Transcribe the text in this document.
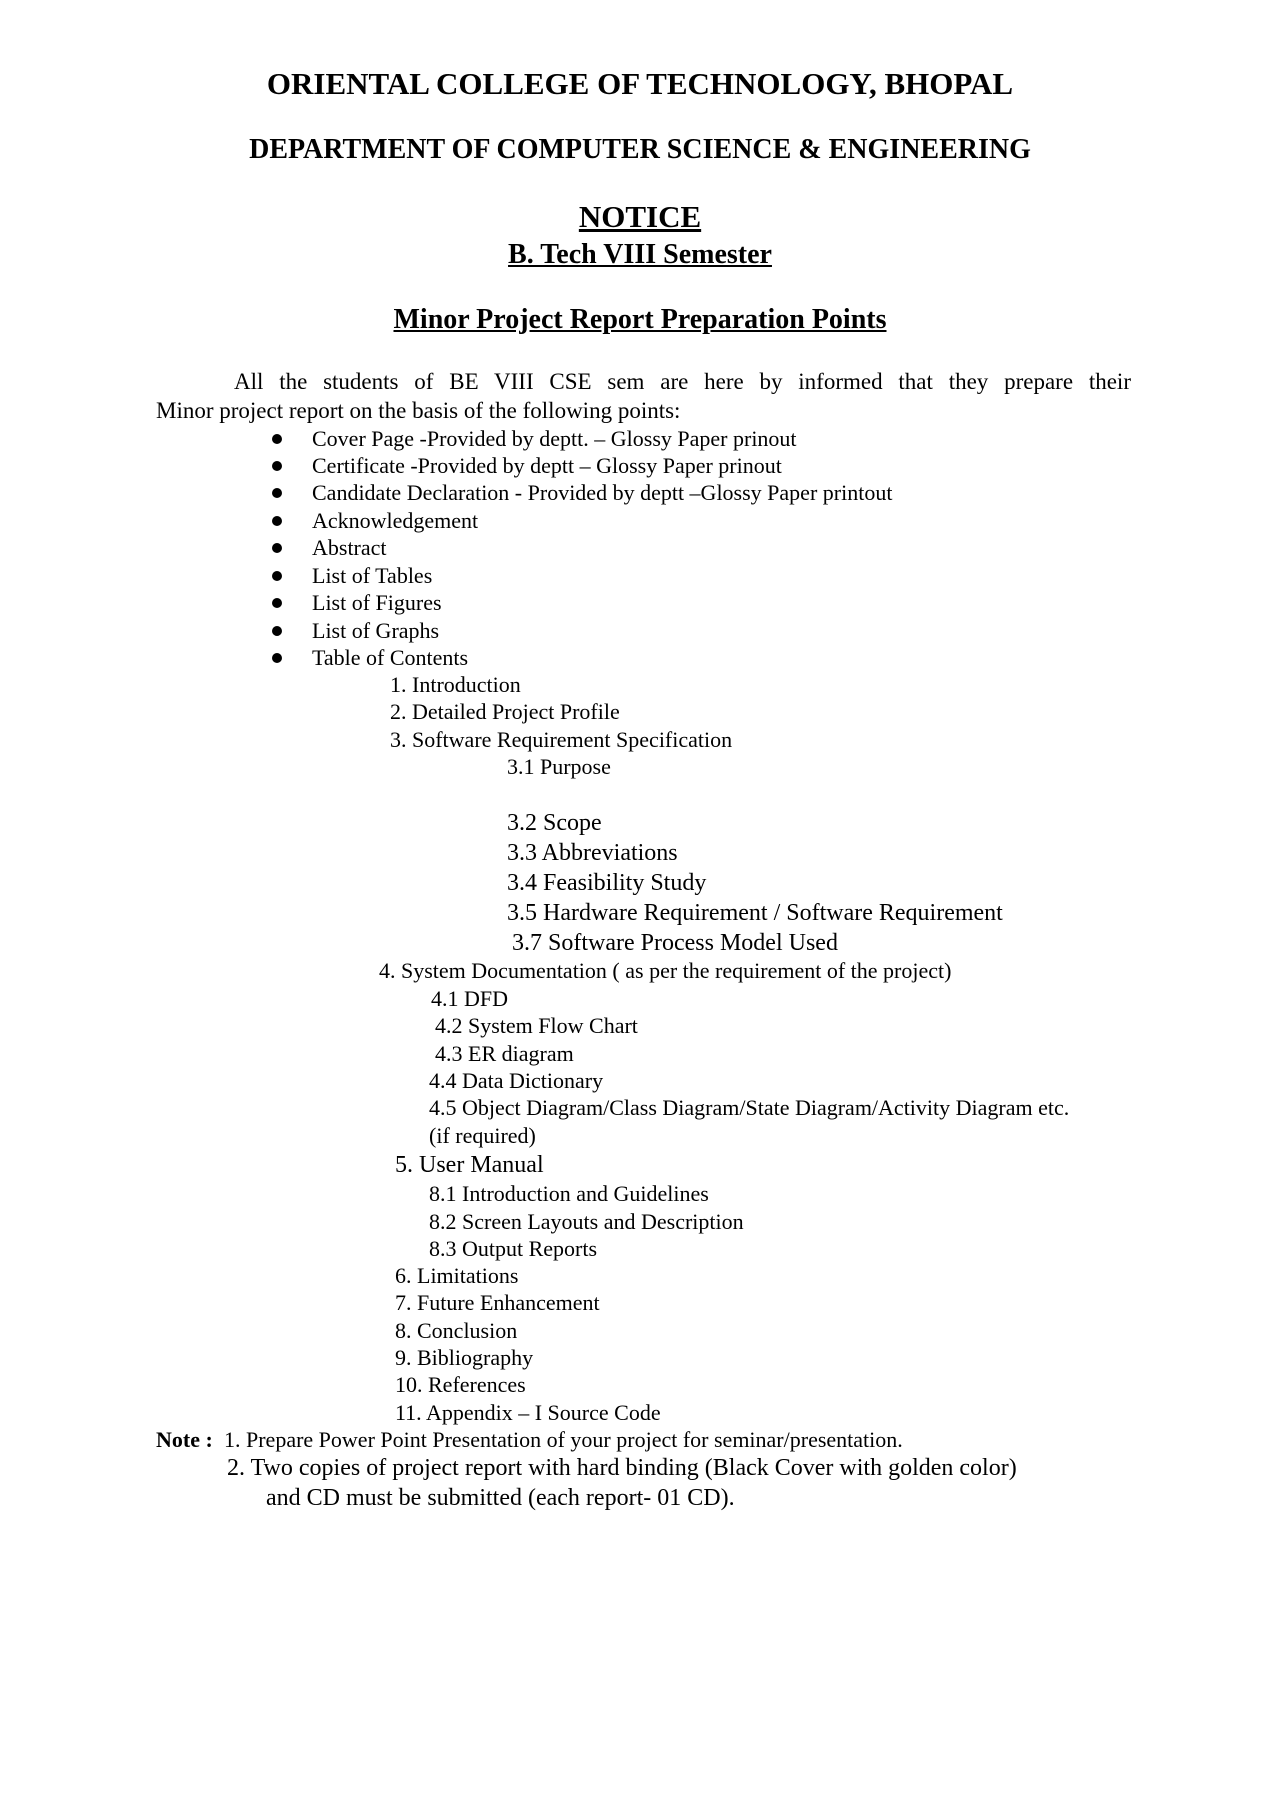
ORIENTAL COLLEGE OF TECHNOLOGY, BHOPAL
DEPARTMENT OF COMPUTER SCIENCE & ENGINEERING
NOTICE
B. Tech VIII Semester
Minor Project Report Preparation Points
All the students of BE VIII CSE sem are here by informed that they prepare their
Minor project report on the basis of the following points:
Cover Page -Provided by deptt. – Glossy Paper prinout
Certificate -Provided by deptt – Glossy Paper prinout
Candidate Declaration - Provided by deptt –Glossy Paper printout
Acknowledgement
Abstract
List of Tables
List of Figures
List of Graphs
Table of Contents
1. Introduction
2. Detailed Project Profile
3. Software Requirement Specification
3.1 Purpose
3.2 Scope
3.3 Abbreviations
3.4 Feasibility Study
3.5 Hardware Requirement / Software Requirement
3.7 Software Process Model Used
4. System Documentation ( as per the requirement of the project)
4.1 DFD
4.2 System Flow Chart
4.3 ER diagram
4.4 Data Dictionary
4.5 Object Diagram/Class Diagram/State Diagram/Activity Diagram etc.
(if required)
5. User Manual
8.1 Introduction and Guidelines
8.2 Screen Layouts and Description
8.3 Output Reports
6. Limitations
7. Future Enhancement
8. Conclusion
9. Bibliography
10. References
11. Appendix – I Source Code
Note : 1. Prepare Power Point Presentation of your project for seminar/presentation.
2. Two copies of project report with hard binding (Black Cover with golden color)
and CD must be submitted (each report- 01 CD).
